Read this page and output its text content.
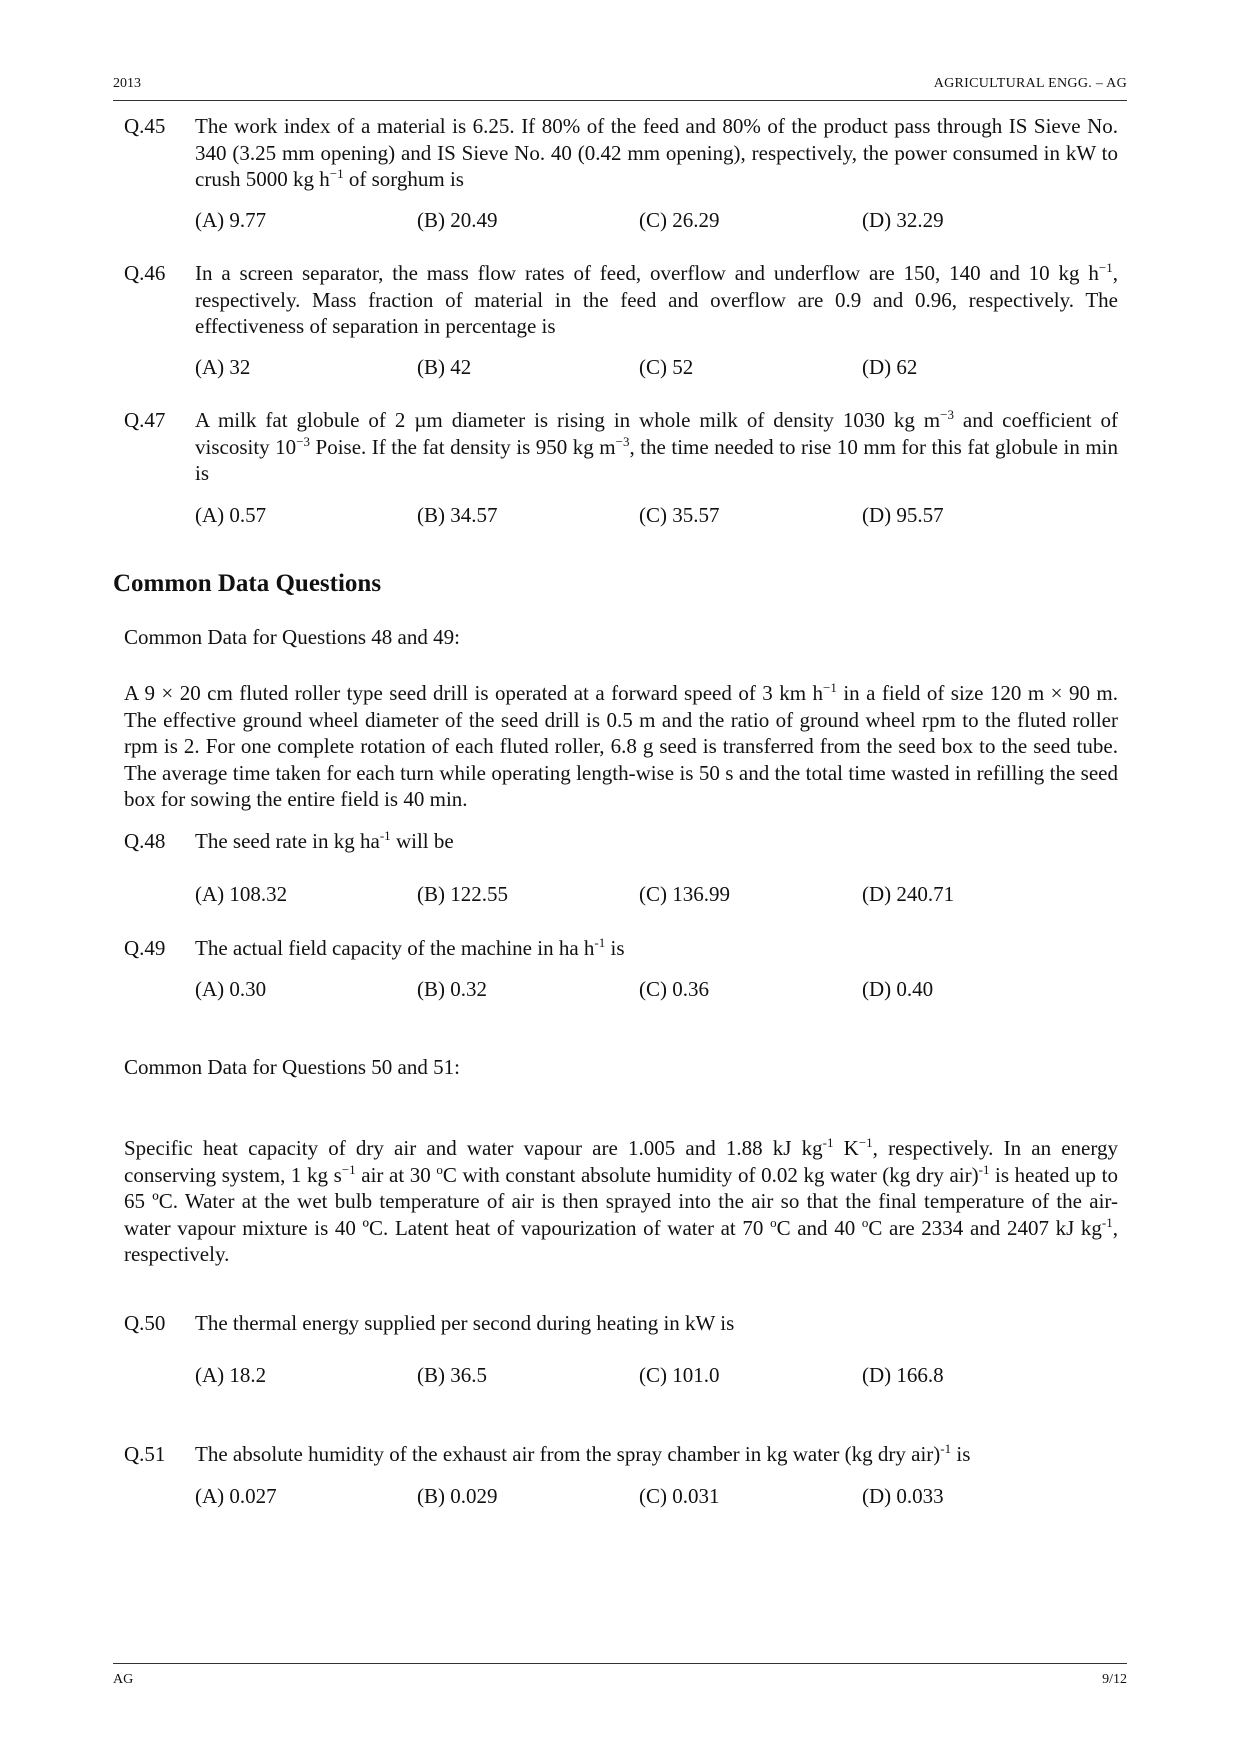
2013	AGRICULTURAL ENGG. – AG
Q.45 The work index of a material is 6.25. If 80% of the feed and 80% of the product pass through IS Sieve No. 340 (3.25 mm opening) and IS Sieve No. 40 (0.42 mm opening), respectively, the power consumed in kW to crush 5000 kg $h^{-1}$ of sorghum is
(A) 9.77	(B) 20.49	(C) 26.29	(D) 32.29
Q.46 In a screen separator, the mass flow rates of feed, overflow and underflow are 150, 140 and 10 kg $h^{-1}$, respectively. Mass fraction of material in the feed and overflow are 0.9 and 0.96, respectively. The effectiveness of separation in percentage is
(A) 32	(B) 42	(C) 52	(D) 62
Q.47 A milk fat globule of 2 µm diameter is rising in whole milk of density 1030 kg $m^{-3}$ and coefficient of viscosity $10^{-3}$ Poise. If the fat density is 950 kg $m^{-3}$, the time needed to rise 10 mm for this fat globule in min is
(A) 0.57	(B) 34.57	(C) 35.57	(D) 95.57
Common Data Questions
Common Data for Questions 48 and 49:
A 9 × 20 cm fluted roller type seed drill is operated at a forward speed of 3 km $h^{-1}$ in a field of size 120 m × 90 m. The effective ground wheel diameter of the seed drill is 0.5 m and the ratio of ground wheel rpm to the fluted roller rpm is 2. For one complete rotation of each fluted roller, 6.8 g seed is transferred from the seed box to the seed tube. The average time taken for each turn while operating length-wise is 50 s and the total time wasted in refilling the seed box for sowing the entire field is 40 min.
Q.48 The seed rate in kg $ha^{-1}$ will be
(A) 108.32	(B) 122.55	(C) 136.99	(D) 240.71
Q.49 The actual field capacity of the machine in ha $h^{-1}$ is
(A) 0.30	(B) 0.32	(C) 0.36	(D) 0.40
Common Data for Questions 50 and 51:
Specific heat capacity of dry air and water vapour are 1.005 and 1.88 kJ $kg^{-1}$ $K^{-1}$, respectively. In an energy conserving system, 1 kg $s^{-1}$ air at 30 $^o$C with constant absolute humidity of 0.02 kg water (kg dry air)$^{-1}$ is heated up to 65 ºC. Water at the wet bulb temperature of air is then sprayed into the air so that the final temperature of the air-water vapour mixture is 40 ºC. Latent heat of vapourization of water at 70 $^o$C and 40 $^o$C are 2334 and 2407 kJ $kg^{-1}$, respectively.
Q.50 The thermal energy supplied per second during heating in kW is
(A) 18.2	(B) 36.5	(C) 101.0	(D) 166.8
Q.51 The absolute humidity of the exhaust air from the spray chamber in kg water (kg dry air)$^{-1}$ is
(A) 0.027	(B) 0.029	(C) 0.031	(D) 0.033
AG	9/12
